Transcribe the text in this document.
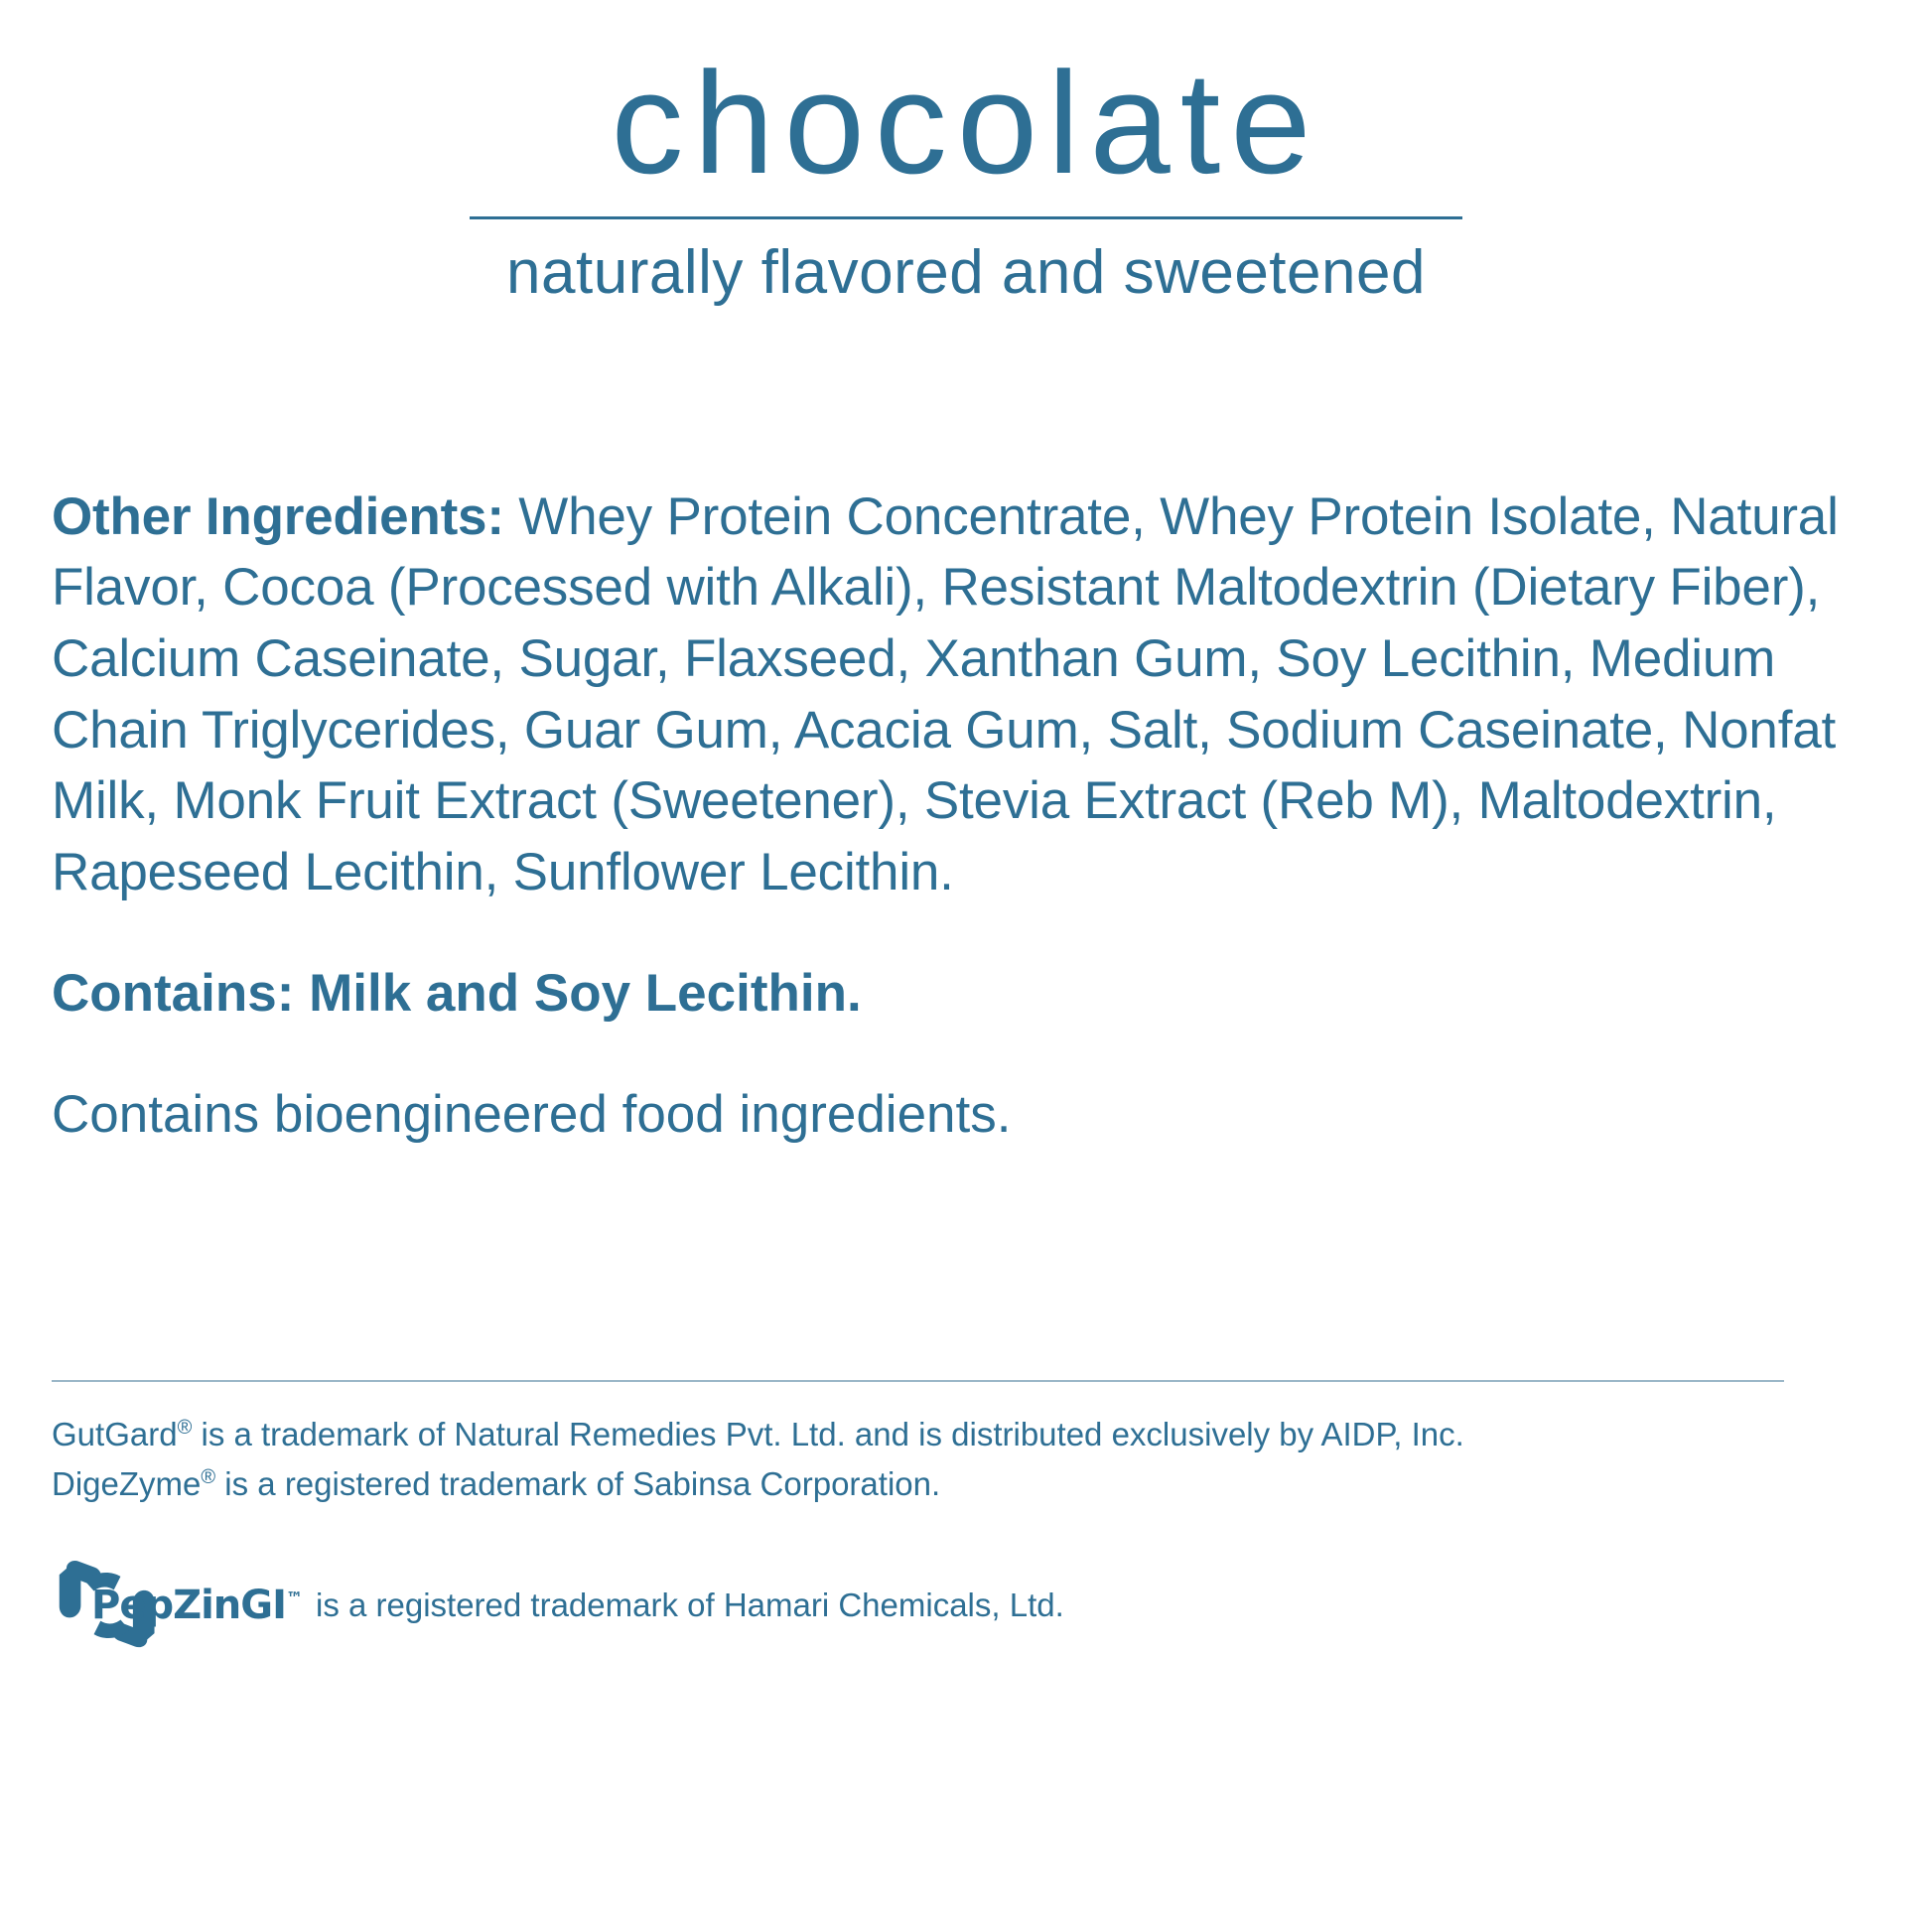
chocolate
naturally flavored and sweetened

Other Ingredients: Whey Protein Concentrate, Whey Protein Isolate, Natural Flavor, Cocoa (Processed with Alkali), Resistant Maltodextrin (Dietary Fiber), Calcium Caseinate, Sugar, Flaxseed, Xanthan Gum, Soy Lecithin, Medium Chain Triglycerides, Guar Gum, Acacia Gum, Salt, Sodium Caseinate, Nonfat Milk, Monk Fruit Extract (Sweetener), Stevia Extract (Reb M), Maltodextrin, Rapeseed Lecithin, Sunflower Lecithin.

Contains: Milk and Soy Lecithin.

Contains bioengineered food ingredients.

GutGard® is a trademark of Natural Remedies Pvt. Ltd. and is distributed exclusively by AIDP, Inc.
DigeZyme® is a registered trademark of Sabinsa Corporation.
PepZinGI™ is a registered trademark of Hamari Chemicals, Ltd.
